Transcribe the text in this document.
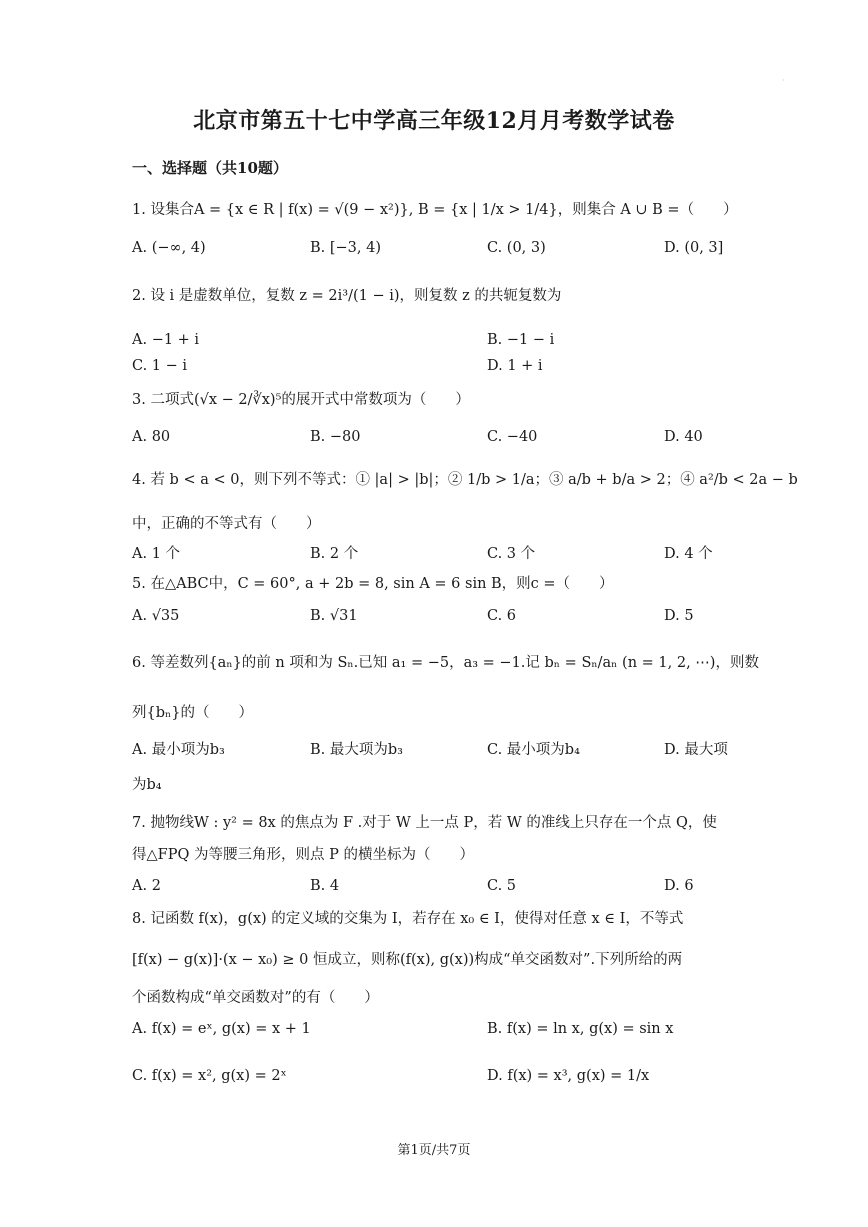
·
北京市第五十七中学高三年级12月月考数学试卷
一、选择题（共10题）
1. 设集合A = {x ∈ R | f(x) = √(9 − x²)}, B = {x | 1/x > 1/4}，则集合 A ∪ B =（　　）
A. (−∞, 4)	B. [−3, 4)	C. (0, 3)	D. (0, 3]
2. 设 i 是虚数单位，复数 z = 2i³/(1 − i)，则复数 z 的共轭复数为
A. −1 + i	B. −1 − i
C. 1 − i	D. 1 + i
3. 二项式(√x − 2/∛x)⁵的展开式中常数项为（　　）
A. 80	B. −80	C. −40	D. 40
4. 若 b < a < 0，则下列不等式：① |a| > |b|；② 1/b > 1/a；③ a/b + b/a > 2；④ a²/b < 2a − b
中，正确的不等式有（　　）
A. 1 个	B. 2 个	C. 3 个	D. 4 个
5. 在△ABC中，C = 60°, a + 2b = 8, sin A = 6 sin B，则c =（　　）
A. √35	B. √31	C. 6	D. 5
6. 等差数列{aₙ}的前 n 项和为 Sₙ.已知 a₁ = −5，a₃ = −1.记 bₙ = Sₙ/aₙ (n = 1, 2, ⋯)，则数
列{bₙ}的（　　）
A. 最小项为b₃	B. 最大项为b₃	C. 最小项为b₄	D. 最大项
为b₄
7. 抛物线W : y² = 8x 的焦点为 F .对于 W 上一点 P，若 W 的准线上只存在一个点 Q，使
得△FPQ 为等腰三角形，则点 P 的横坐标为（　　）
A. 2	B. 4	C. 5	D. 6
8. 记函数 f(x)，g(x) 的定义域的交集为 I，若存在 x₀ ∈ I，使得对任意 x ∈ I，不等式
[f(x) − g(x)]·(x − x₀) ≥ 0 恒成立，则称(f(x), g(x))构成“单交函数对”.下列所给的两
个函数构成“单交函数对”的有（　　）
A. f(x) = eˣ, g(x) = x + 1	B. f(x) = ln x, g(x) = sin x
C. f(x) = x², g(x) = 2ˣ	D. f(x) = x³, g(x) = 1/x
第1页/共7页
